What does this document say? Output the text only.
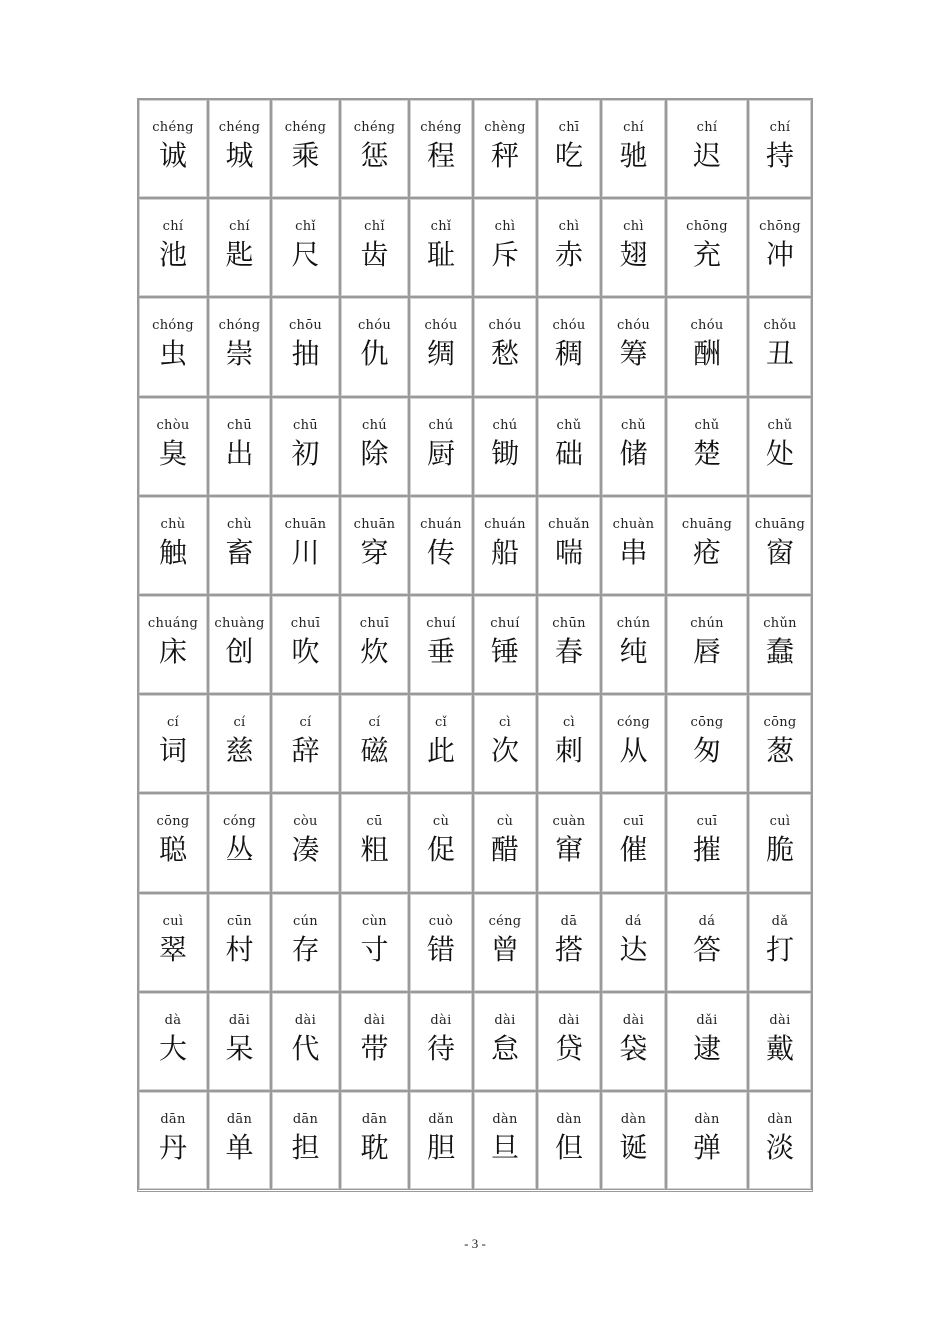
chéng
诚
chéng
城
chéng
乘
chéng
惩
chéng
程
chèng
秤
chī
吃
chí
驰
chí
迟
chí
持
chí
池
chí
匙
chǐ
尺
chǐ
齿
chǐ
耻
chì
斥
chì
赤
chì
翅
chōng
充
chōng
冲
chóng
虫
chóng
崇
chōu
抽
chóu
仇
chóu
绸
chóu
愁
chóu
稠
chóu
筹
chóu
酬
chǒu
丑
chòu
臭
chū
出
chū
初
chú
除
chú
厨
chú
锄
chǔ
础
chǔ
储
chǔ
楚
chǔ
处
chù
触
chù
畜
chuān
川
chuān
穿
chuán
传
chuán
船
chuǎn
喘
chuàn
串
chuāng
疮
chuāng
窗
chuáng
床
chuàng
创
chuī
吹
chuī
炊
chuí
垂
chuí
锤
chūn
春
chún
纯
chún
唇
chǔn
蠢
cí
词
cí
慈
cí
辞
cí
磁
cǐ
此
cì
次
cì
刺
cóng
从
cōng
匆
cōng
葱
cōng
聪
cóng
丛
còu
凑
cū
粗
cù
促
cù
醋
cuàn
窜
cuī
催
cuī
摧
cuì
脆
cuì
翠
cūn
村
cún
存
cùn
寸
cuò
错
céng
曾
dā
搭
dá
达
dá
答
dǎ
打
dà
大
dāi
呆
dài
代
dài
带
dài
待
dài
怠
dài
贷
dài
袋
dǎi
逮
dài
戴
dān
丹
dān
单
dān
担
dān
耽
dǎn
胆
dàn
旦
dàn
但
dàn
诞
dàn
弹
dàn
淡
- 3 -
